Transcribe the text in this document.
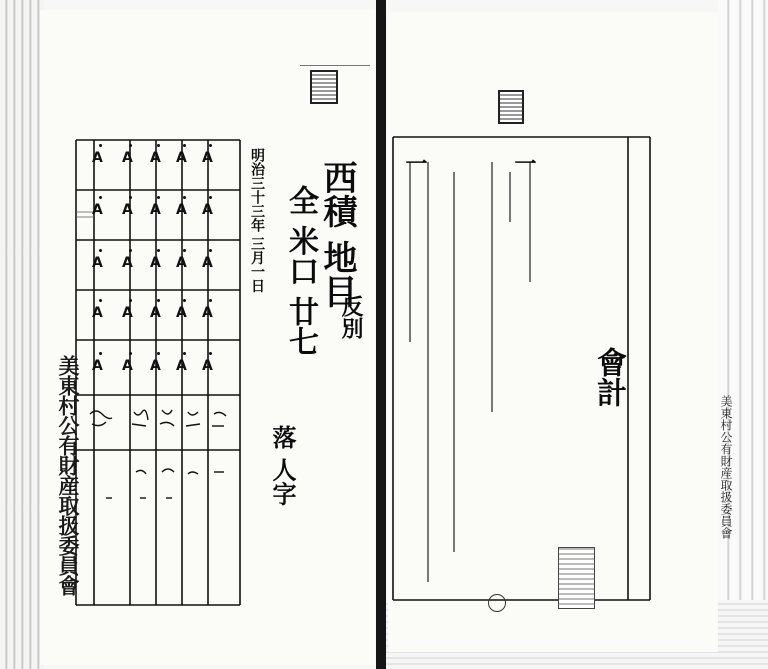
A A A A A
A A A A A
A A A A A
A A A A A
A A A A A
美東村公有財産取扱委員會
明治三十三年 三月一日 西積 地目
全 米口 廿七 反別
落 人字
會計
一
一
美東村公有財産取扱委員會
